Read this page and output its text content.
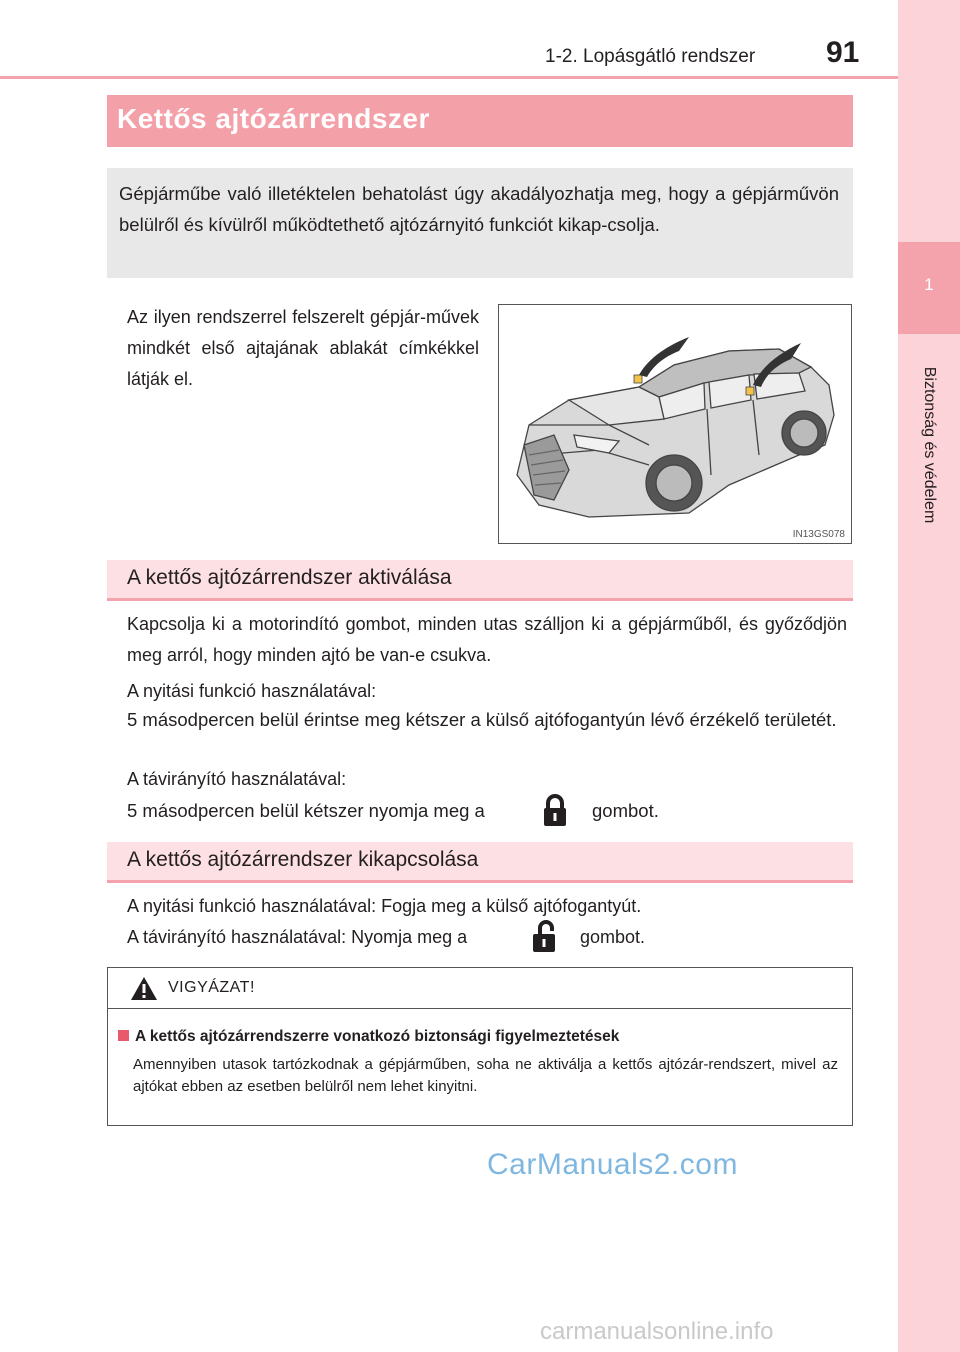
1-2. Lopásgátló rendszer 91
1
Biztonság és védelem
Kettős ajtózárrendszer

Gépjárműbe való illetéktelen behatolást úgy akadályozhatja meg, hogy a gépjárművön belülről és kívülről működtethető ajtózárnyitó funkciót kikap-csolja.

Az ilyen rendszerrel felszerelt gépjár-művek mindkét első ajtajának ablakát címkékkel látják el.
IN13GS078
A kettős ajtózárrendszer aktiválása
Kapcsolja ki a motorindító gombot, minden utas szálljon ki a gépjárműből, és győződjön meg arról, hogy minden ajtó be van-e csukva.
A nyitási funkció használatával:
5 másodpercen belül érintse meg kétszer a külső ajtófogantyún lévő érzékelő területét.
A távirányító használatával:
5 másodpercen belül kétszer nyomja meg a	gombot.
A kettős ajtózárrendszer kikapcsolása
A nyitási funkció használatával: Fogja meg a külső ajtófogantyút.
A távirányító használatával: Nyomja meg a	gombot.
VIGYÁZAT!
A kettős ajtózárrendszerre vonatkozó biztonsági figyelmeztetések
Amennyiben utasok tartózkodnak a gépjárműben, soha ne aktiválja a kettős ajtózár-rendszert, mivel az ajtókat ebben az esetben belülről nem lehet kinyitni.
CarManuals2.com
carmanualsonline.info
